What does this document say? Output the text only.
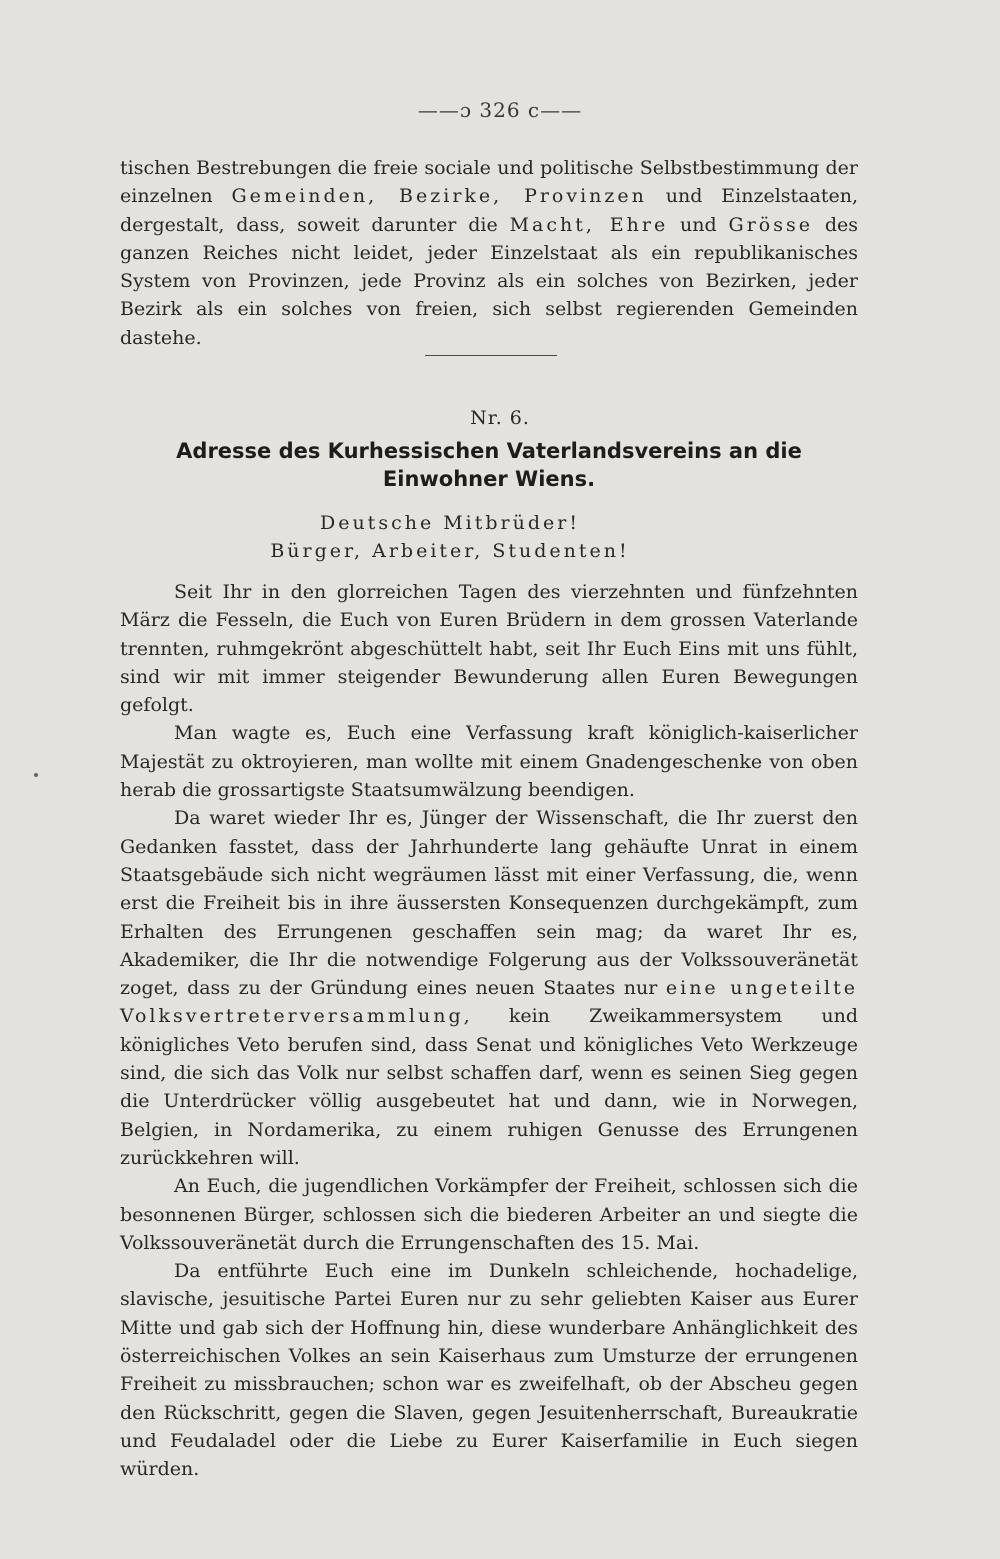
——ɔ 326 c——

tischen Bestrebungen die freie sociale und politische Selbstbestimmung der einzelnen Gemeinden, Bezirke, Provinzen und Einzelstaaten, dergestalt, dass, soweit darunter die Macht, Ehre und Grösse des ganzen Reiches nicht leidet, jeder Einzelstaat als ein republikanisches System von Provinzen, jede Provinz als ein solches von Bezirken, jeder Bezirk als ein solches von freien, sich selbst regierenden Gemeinden dastehe.

Nr. 6.
Adresse des Kurhessischen Vaterlandsvereins an die Einwohner Wiens.
Deutsche Mitbrüder!
Bürger, Arbeiter, Studenten!

Seit Ihr in den glorreichen Tagen des vierzehnten und fünfzehnten März die Fesseln, die Euch von Euren Brüdern in dem grossen Vaterlande trennten, ruhmgekrönt abgeschüttelt habt, seit Ihr Euch Eins mit uns fühlt, sind wir mit immer steigender Bewunderung allen Euren Bewegungen gefolgt.

Man wagte es, Euch eine Verfassung kraft königlich-kaiserlicher Majestät zu oktroyieren, man wollte mit einem Gnadengeschenke von oben herab die grossartigste Staatsumwälzung beendigen.

Da waret wieder Ihr es, Jünger der Wissenschaft, die Ihr zuerst den Gedanken fasstet, dass der Jahrhunderte lang gehäufte Unrat in einem Staatsgebäude sich nicht wegräumen lässt mit einer Verfassung, die, wenn erst die Freiheit bis in ihre äussersten Konsequenzen durchgekämpft, zum Erhalten des Errungenen geschaffen sein mag; da waret Ihr es, Akademiker, die Ihr die notwendige Folgerung aus der Volkssouveränetät zoget, dass zu der Gründung eines neuen Staates nur eine ungeteilte Volksvertreterversammlung, kein Zweikammersystem und königliches Veto berufen sind, dass Senat und königliches Veto Werkzeuge sind, die sich das Volk nur selbst schaffen darf, wenn es seinen Sieg gegen die Unterdrücker völlig ausgebeutet hat und dann, wie in Norwegen, Belgien, in Nordamerika, zu einem ruhigen Genusse des Errungenen zurückkehren will.

An Euch, die jugendlichen Vorkämpfer der Freiheit, schlossen sich die besonnenen Bürger, schlossen sich die biederen Arbeiter an und siegte die Volkssouveränetät durch die Errungenschaften des 15. Mai.

Da entführte Euch eine im Dunkeln schleichende, hochadelige, slavische, jesuitische Partei Euren nur zu sehr geliebten Kaiser aus Eurer Mitte und gab sich der Hoffnung hin, diese wunderbare Anhänglichkeit des österreichischen Volkes an sein Kaiserhaus zum Umsturze der errungenen Freiheit zu missbrauchen; schon war es zweifelhaft, ob der Abscheu gegen den Rückschritt, gegen die Slaven, gegen Jesuitenherrschaft, Bureaukratie und Feudaladel oder die Liebe zu Eurer Kaiserfamilie in Euch siegen würden.
